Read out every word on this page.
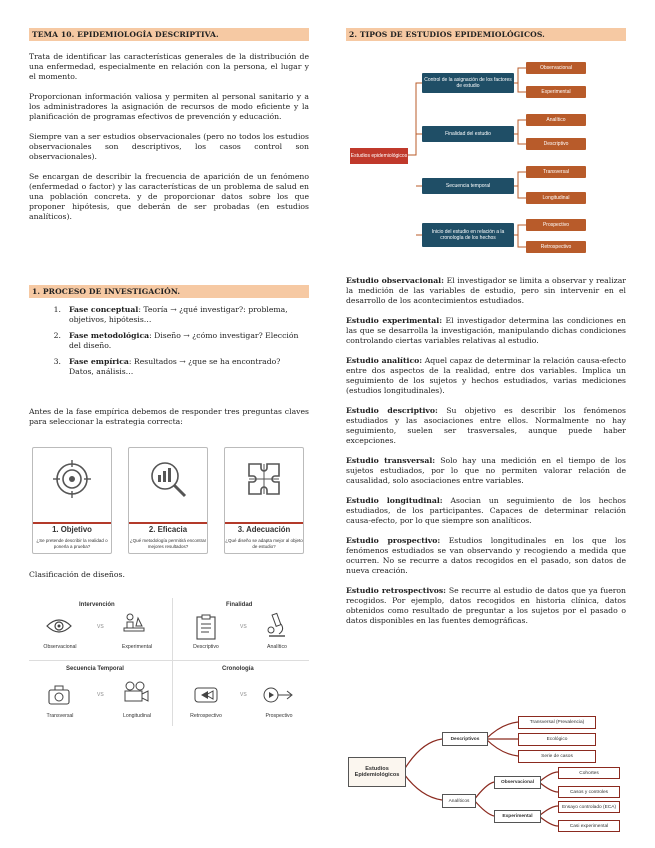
TEMA 10. EPIDEMIOLOGÍA DESCRIPTIVA.

Trata de identificar las características generales de la distribución de una enfermedad, especialmente en relación con la persona, el lugar y el momento.

Proporcionan información valiosa y permiten al personal sanitario y a los administradores la asignación de recursos de modo eficiente y la planificación de programas efectivos de prevención y educación.

Siempre van a ser estudios observacionales (pero no todos los estudios observacionales son descriptivos, los casos control son observacionales).

Se encargan de describir la frecuencia de aparición de un fenómeno (enfermedad o factor) y las características de un problema de salud en una población concreta. y de proporcionar datos sobre los que proponer hipótesis, que deberán de ser probadas (en estudios analíticos).

1. PROCESO DE INVESTIGACIÓN.
1.	Fase conceptual: Teoría → ¿qué investigar?: problema, objetivos, hipótesis…
2.	Fase metodológica: Diseño → ¿cómo investigar? Elección del diseño.
3.	Fase empírica: Resultados → ¿que se ha encontrado? Datos, análisis…

Antes de la fase empírica debemos de responder tres preguntas claves para seleccionar la estrategia correcta:

1. Objetivo
¿Se pretende describir la realidad o ponerla a prueba?
2. Eficacia
¿Qué metodología permitirá encontrar mejores resultados?
3. Adecuación
¿Qué diseño se adapta mejor al objeto de estudio?

Clasificación de diseños.

Intervención
VS
Observacional	Experimental
Finalidad
VS
Descriptivo	Analítico
Secuencia Temporal
VS
Transversal	Longitudinal
Cronología
VS
Retrospectivo	Prospectivo
2. TIPOS DE ESTUDIOS EPIDEMIOLÓGICOS.
Estudios epidemiológicos
Control de la asignación de los factores de estudio
Finalidad del estudio
Secuencia temporal
Inicio del estudio en relación a la cronología de los hechos
Observacional
Experimental
Analítico
Descriptivo
Transversal
Longitudinal
Prospectivo
Retrospectivo

Estudio observacional: El investigador se limita a observar y realizar la medición de las variables de estudio, pero sin intervenir en el desarrollo de los acontecimientos estudiados.

Estudio experimental: El investigador determina las condiciones en las que se desarrolla la investigación, manipulando dichas condiciones controlando ciertas variables relativas al estudio.

Estudio analítico: Aquel capaz de determinar la relación causa-efecto entre dos aspectos de la realidad, entre dos variables. Implica un seguimiento de los sujetos y hechos estudiados, varias mediciones (estudios longitudinales).

Estudio descriptivo: Su objetivo es describir los fenómenos estudiados y las asociaciones entre ellos. Normalmente no hay seguimiento, suelen ser trasversales, aunque puede haber excepciones.

Estudio transversal: Solo hay una medición en el tiempo de los sujetos estudiados, por lo que no permiten valorar relación de causalidad, solo asociaciones entre variables.

Estudio longitudinal: Asocian un seguimiento de los hechos estudiados, de los participantes. Capaces de determinar relación causa-efecto, por lo que siempre son analíticos.

Estudio prospectivo: Estudios longitudinales en los que los fenómenos estudiados se van observando y recogiendo a medida que ocurren. No se recurre a datos recogidos en el pasado, son datos de nueva creación.

Estudio retrospectivos: Se recurre al estudio de datos que ya fueron recogidos. Por ejemplo, datos recogidos en historia clínica, datos obtenidos como resultado de preguntar a los sujetos por el pasado o datos disponibles en las fuentes demográficas.

Estudios Epidemiológicos
Descriptivos
Transversal (Prevalencia)
Ecológico
Serie de casos
Analíticos
Observacional
Cohortes
Casos y controles
Experimental
Ensayo controlado (ECA)
Casi experimental
